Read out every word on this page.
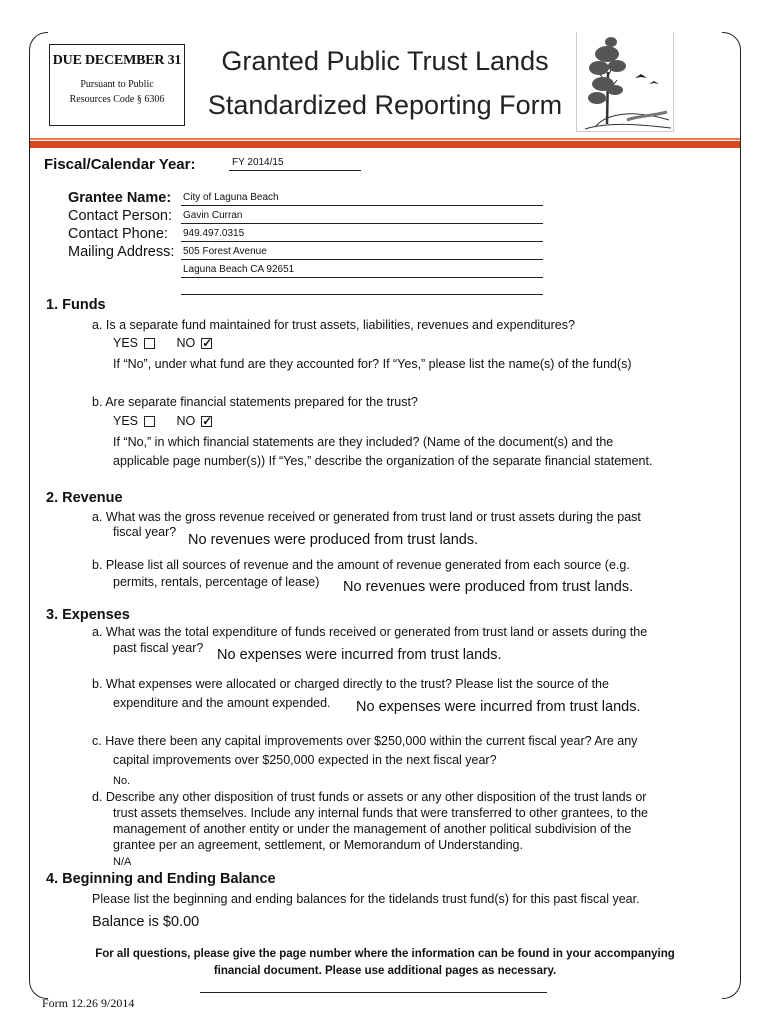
DUE DECEMBER 31
Pursuant to Public
Resources Code § 6306
Granted Public Trust Lands
Standardized Reporting Form
Fiscal/Calendar Year:	FY 2014/15
Grantee Name: City of Laguna Beach
Contact Person: Gavin Curran
Contact Phone: 949.497.0315
Mailing Address: 505 Forest Avenue
Laguna Beach CA 92651
1. Funds
a. Is a separate fund maintained for trust assets, liabilities, revenues and expenditures?
YES	NO✓
If “No”, under what fund are they accounted for? If “Yes,” please list the name(s) of the fund(s)
b. Are separate financial statements prepared for the trust?
YES	NO✓
If “No,” in which financial statements are they included? (Name of the document(s) and the
applicable page number(s)) If “Yes,” describe the organization of the separate financial statement.
2. Revenue
a. What was the gross revenue received or generated from trust land or trust assets during the past
fiscal year? No revenues were produced from trust lands.
b. Please list all sources of revenue and the amount of revenue generated from each source (e.g.
permits, rentals, percentage of lease) No revenues were produced from trust lands.
3. Expenses
a. What was the total expenditure of funds received or generated from trust land or assets during the
past fiscal year? No expenses were incurred from trust lands.
b. What expenses were allocated or charged directly to the trust? Please list the source of the
expenditure and the amount expended. No expenses were incurred from trust lands.
c. Have there been any capital improvements over $250,000 within the current fiscal year? Are any
capital improvements over $250,000 expected in the next fiscal year?
No.
d. Describe any other disposition of trust funds or assets or any other disposition of the trust lands or
trust assets themselves. Include any internal funds that were transferred to other grantees, to the
management of another entity or under the management of another political subdivision of the
grantee per an agreement, settlement, or Memorandum of Understanding.
N/A
4. Beginning and Ending Balance
Please list the beginning and ending balances for the tidelands trust fund(s) for this past fiscal year.
Balance is $0.00
For all questions, please give the page number where the information can be found in your accompanying
financial document. Please use additional pages as necessary.
Form 12.26 9/2014
